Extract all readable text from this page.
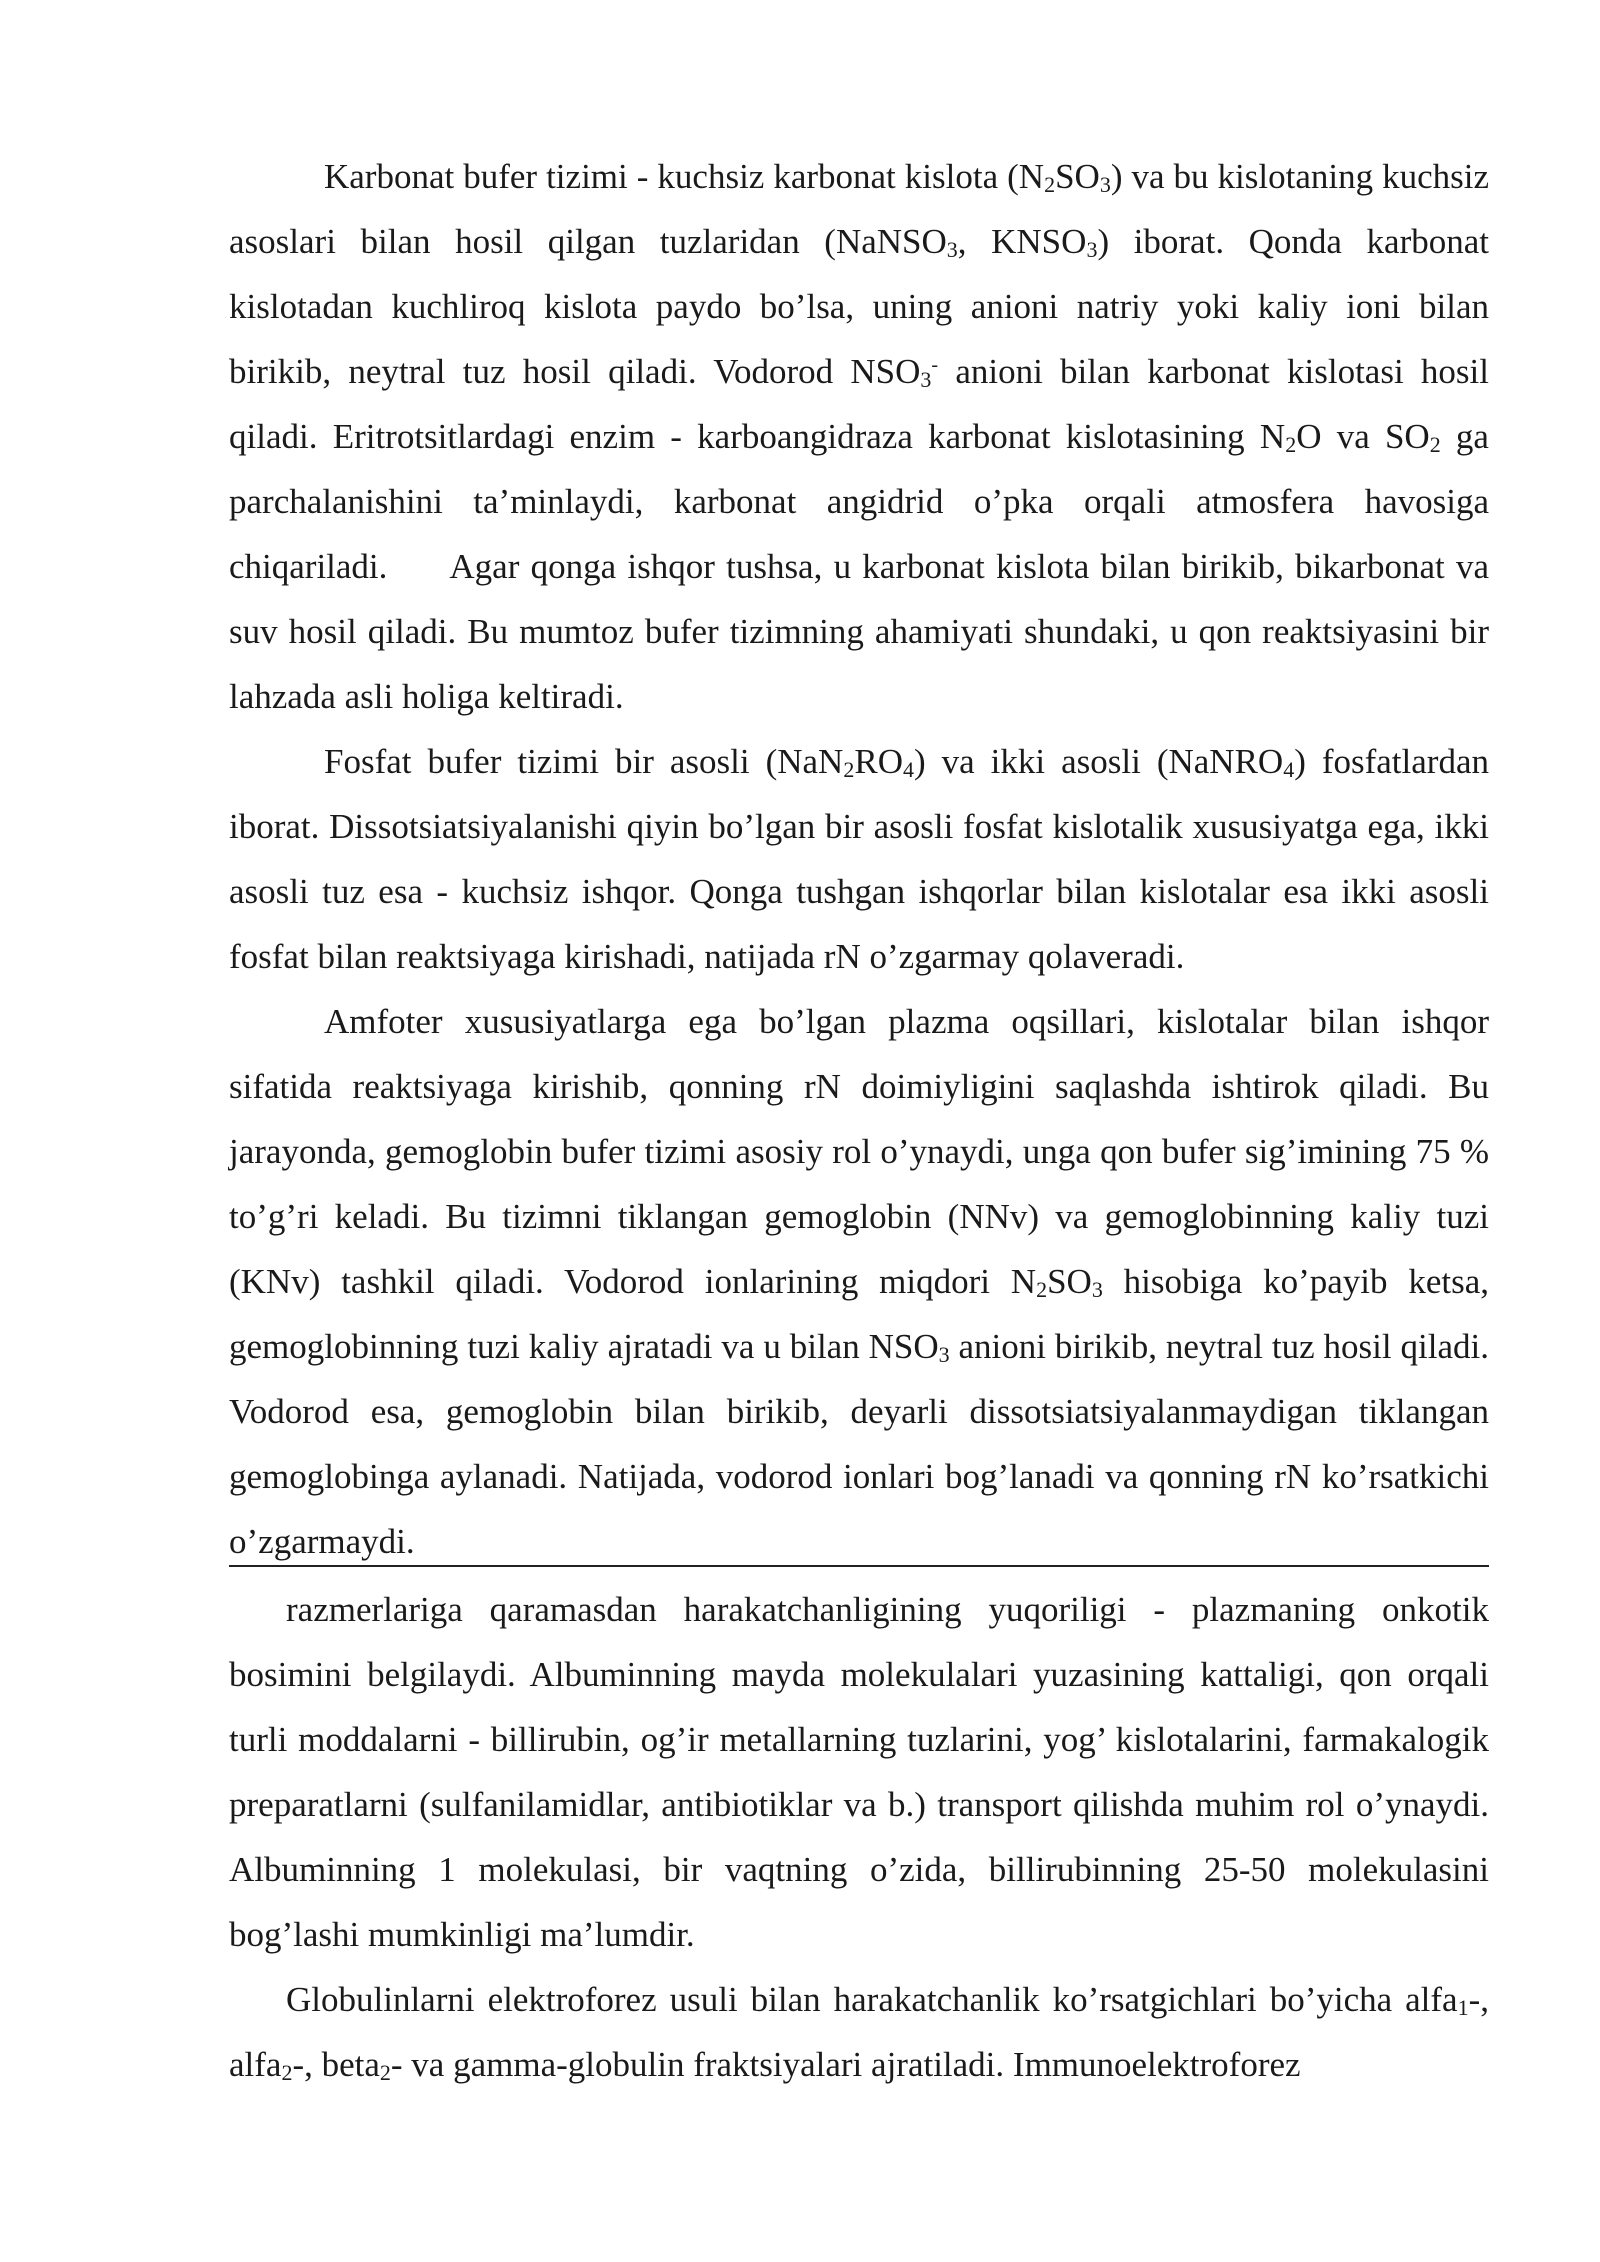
Karbonat bufer tizimi - kuchsiz karbonat kislota $(N_2SO_3)$ va bu kislotaning kuchsiz asoslari bilan hosil qilgan tuzlaridan (NaNSO$_3$, $KNSO_3$) iborat. Qonda karbonat kislotadan kuchliroq kislota paydo bo’lsa, uning anioni natriy yoki kaliy ioni bilan birikib, neytral tuz hosil qiladi. Vodorod $NSO_3^-$ anioni bilan karbonat kislotasi hosil qiladi. Eritrotsitlardagi enzim - karboangidraza karbonat kislotasining $N_2O$ va $SO_2$ ga parchalanishini ta’minlaydi, karbonat angidrid o’pka orqali atmosfera havosiga chiqariladi. Agar qonga ishqor tushsa, u karbonat kislota bilan birikib, bikarbonat va suv hosil qiladi. Bu mumtoz bufer tizimning ahamiyati shundaki, u qon reaktsiyasini bir lahzada asli holiga keltiradi.

Fosfat bufer tizimi bir asosli $(NaN_2RO_4)$ va ikki asosli (NaNRO$_4$) fosfatlardan iborat. Dissotsiatsiyalanishi qiyin bo’lgan bir asosli fosfat kislotalik xususiyatga ega, ikki asosli tuz esa - kuchsiz ishqor. Qonga tushgan ishqorlar bilan kislotalar esa ikki asosli fosfat bilan reaktsiyaga kirishadi, natijada rN o’zgarmay qolaveradi.

Amfoter xususiyatlarga ega bo’lgan plazma oqsillari, kislotalar bilan ishqor sifatida reaktsiyaga kirishib, qonning rN doimiyligini saqlashda ishtirok qiladi. Bu jarayonda, gemoglobin bufer tizimi asosiy rol o’ynaydi, unga qon bufer sig’imining 75 % to’g’ri keladi. Bu tizimni tiklangan gemoglobin (NNv) va gemoglobinning kaliy tuzi (KNv) tashkil qiladi. Vodorod ionlarining miqdori $N_2SO_3$ hisobiga ko’payib ketsa, gemoglobinning tuzi kaliy ajratadi va u bilan $NSO_3$ anioni birikib, neytral tuz hosil qiladi. Vodorod esa, gemoglobin bilan birikib, deyarli dissotsiatsiyalanmaydigan tiklangan gemoglobinga aylanadi. Natijada, vodorod ionlari bog’lanadi va qonning rN ko’rsatkichi o’zgarmaydi.

razmerlariga qaramasdan harakatchanligining yuqoriligi - plazmaning onkotik bosimini belgilaydi. Albuminning mayda molekulalari yuzasining kattaligi, qon orqali turli moddalarni - billirubin, og’ir metallarning tuzlarini, yog’ kislotalarini, farmakalogik preparatlarni (sulfanilamidlar, antibiotiklar va b.) transport qilishda muhim rol o’ynaydi. Albuminning 1 molekulasi, bir vaqtning o’zida, billirubinning 25-50 molekulasini bog’lashi mumkinligi ma’lumdir.

Globulinlarni elektroforez usuli bilan harakatchanlik ko’rsatgichlari bo’yicha alfa$_1$-, alfa$_2$-, beta$_2$- va gamma-globulin fraktsiyalari ajratiladi. Immunoelektroforez
